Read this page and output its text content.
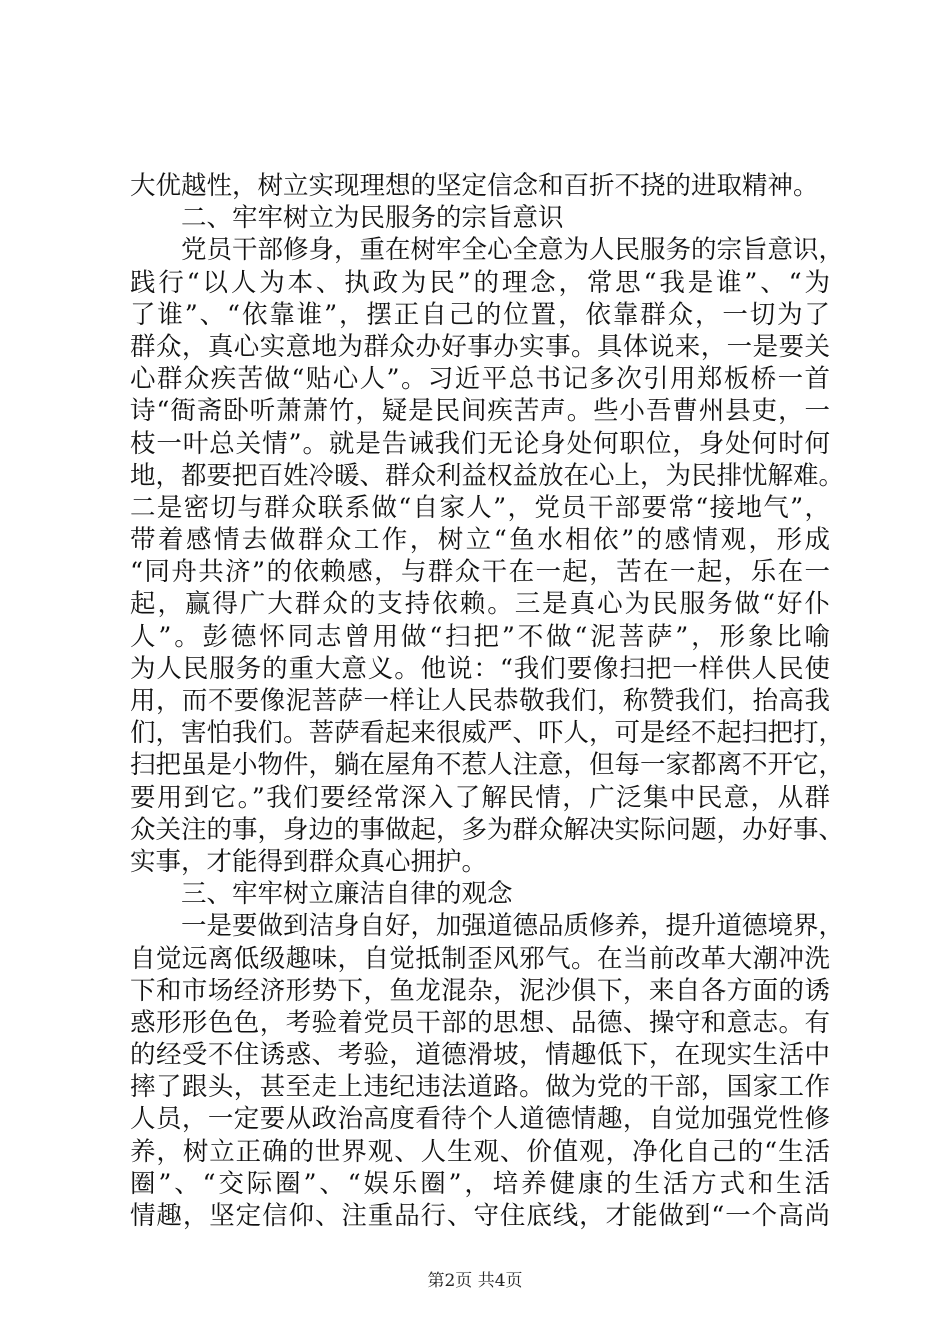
大优越性，树立实现理想的坚定信念和百折不挠的进取精神。
二、牢牢树立为民服务的宗旨意识
党员干部修身，重在树牢全心全意为人民服务的宗旨意识，
践行“以人为本、执政为民”的理念，常思“我是谁”、“为
了谁”、“依靠谁”，摆正自己的位置，依靠群众，一切为了
群众，真心实意地为群众办好事办实事。具体说来，一是要关
心群众疾苦做“贴心人”。习近平总书记多次引用郑板桥一首
诗“衙斋卧听萧萧竹，疑是民间疾苦声。些小吾曹州县吏，一
枝一叶总关情”。就是告诫我们无论身处何职位，身处何时何
地，都要把百姓冷暖、群众利益权益放在心上，为民排忧解难。
二是密切与群众联系做“自家人”，党员干部要常“接地气”，
带着感情去做群众工作，树立“鱼水相依”的感情观，形成
“同舟共济”的依赖感，与群众干在一起，苦在一起，乐在一
起，赢得广大群众的支持依赖。三是真心为民服务做“好仆
人”。彭德怀同志曾用做“扫把”不做“泥菩萨”，形象比喻
为人民服务的重大意义。他说：“我们要像扫把一样供人民使
用，而不要像泥菩萨一样让人民恭敬我们，称赞我们，抬高我
们，害怕我们。菩萨看起来很威严、吓人，可是经不起扫把打，
扫把虽是小物件，躺在屋角不惹人注意，但每一家都离不开它，
要用到它。”我们要经常深入了解民情，广泛集中民意，从群
众关注的事，身边的事做起，多为群众解决实际问题，办好事、
实事，才能得到群众真心拥护。
三、牢牢树立廉洁自律的观念
一是要做到洁身自好，加强道德品质修养，提升道德境界，
自觉远离低级趣味，自觉抵制歪风邪气。在当前改革大潮冲洗
下和市场经济形势下，鱼龙混杂，泥沙俱下，来自各方面的诱
惑形形色色，考验着党员干部的思想、品德、操守和意志。有
的经受不住诱惑、考验，道德滑坡，情趣低下，在现实生活中
摔了跟头，甚至走上违纪违法道路。做为党的干部，国家工作
人员，一定要从政治高度看待个人道德情趣，自觉加强党性修
养，树立正确的世界观、人生观、价值观，净化自己的“生活
圈”、“交际圈”、“娱乐圈”，培养健康的生活方式和生活
情趣，坚定信仰、注重品行、守住底线，才能做到“一个高尚
第2页 共4页
